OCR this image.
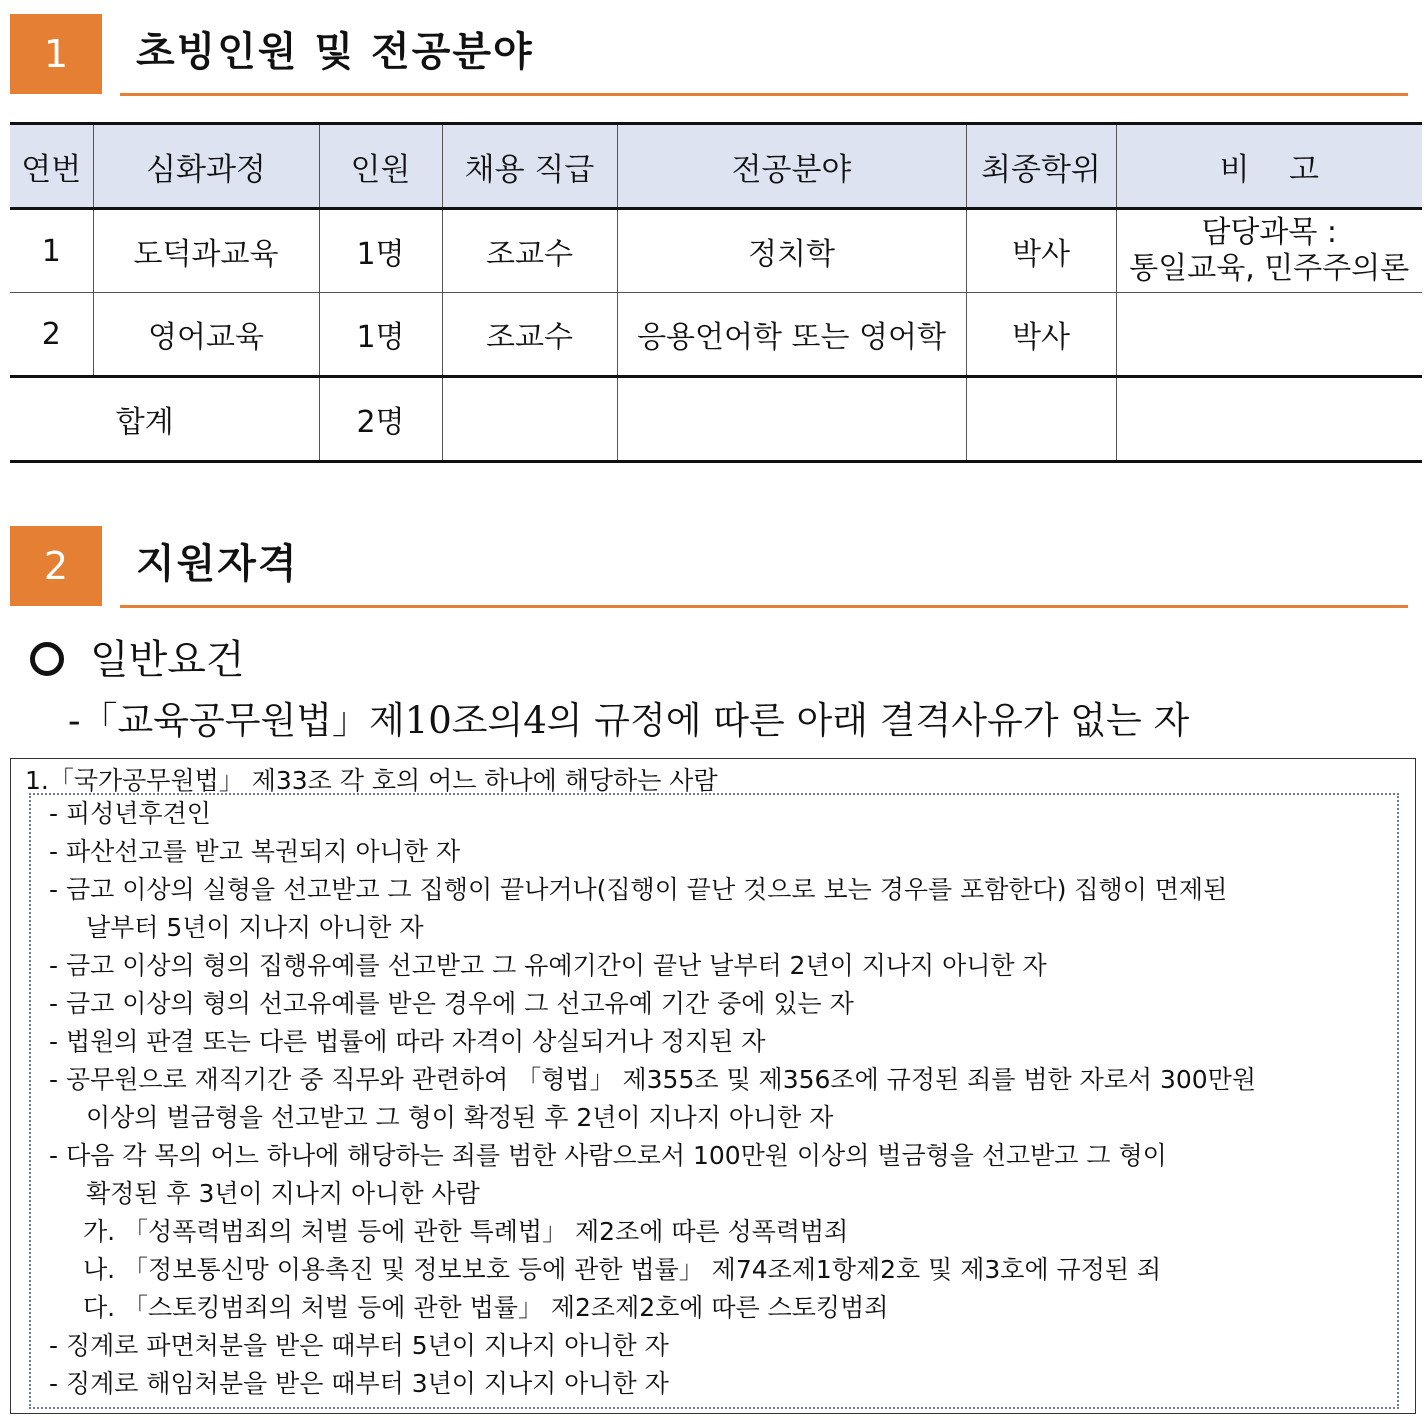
1	초빙인원 및 전공분야
연번	심화과정	인원	채용 직급	전공분야	최종학위	비    고
1	도덕과교육	1명	조교수	정치학	박사	담당과목 :
통일교육, 민주주의론

2	영어교육	1명	조교수	응용언어학 또는 영어학	박사	

합계		2명				
2	지원자격
일반요건
-「교육공무원법」제10조의4의 규정에 따른 아래 결격사유가 없는 자
1.「국가공무원법」 제33조 각 호의 어느 하나에 해당하는 사람
- 피성년후견인
- 파산선고를 받고 복권되지 아니한 자
- 금고 이상의 실형을 선고받고 그 집행이 끝나거나(집행이 끝난 것으로 보는 경우를 포함한다) 집행이 면제된
날부터 5년이 지나지 아니한 자
- 금고 이상의 형의 집행유예를 선고받고 그 유예기간이 끝난 날부터 2년이 지나지 아니한 자
- 금고 이상의 형의 선고유예를 받은 경우에 그 선고유예 기간 중에 있는 자
- 법원의 판결 또는 다른 법률에 따라 자격이 상실되거나 정지된 자
- 공무원으로 재직기간 중 직무와 관련하여 「형법」 제355조 및 제356조에 규정된 죄를 범한 자로서 300만원
이상의 벌금형을 선고받고 그 형이 확정된 후 2년이 지나지 아니한 자
- 다음 각 목의 어느 하나에 해당하는 죄를 범한 사람으로서 100만원 이상의 벌금형을 선고받고 그 형이
확정된 후 3년이 지나지 아니한 사람
가. 「성폭력범죄의 처벌 등에 관한 특례법」 제2조에 따른 성폭력범죄
나. 「정보통신망 이용촉진 및 정보보호 등에 관한 법률」 제74조제1항제2호 및 제3호에 규정된 죄
다. 「스토킹범죄의 처벌 등에 관한 법률」 제2조제2호에 따른 스토킹범죄
- 징계로 파면처분을 받은 때부터 5년이 지나지 아니한 자
- 징계로 해임처분을 받은 때부터 3년이 지나지 아니한 자
